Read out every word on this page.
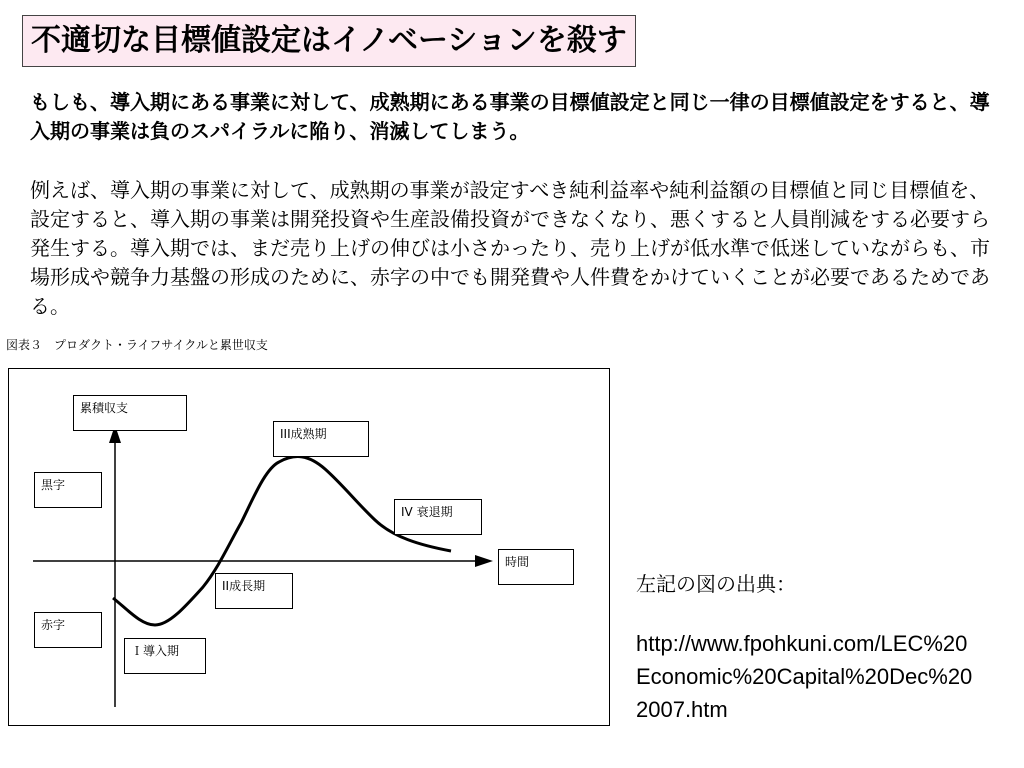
不適切な目標値設定はイノベーションを殺す

もしも、導入期にある事業に対して、成熟期にある事業の目標値設定と同じ一律の目標値設定をすると、導入期の事業は負のスパイラルに陥り、消滅してしまう。

例えば、導入期の事業に対して、成熟期の事業が設定すべき純利益率や純利益額の目標値と同じ目標値を、設定すると、導入期の事業は開発投資や生産設備投資ができなくなり、悪くすると人員削減をする必要すら発生する。導入期では、まだ売り上げの伸びは小さかったり、売り上げが低水準で低迷していながらも、市場形成や競争力基盤の形成のために、赤字の中でも開発費や人件費をかけていくことが必要であるためである。

図表３　プロダクト・ライフサイクルと累世収支
累積収支
III成熟期
黒字
IV 衰退期
時間
II成長期
赤字
Ｉ導入期
左記の図の出典：
http://www.fpohkuni.com/LEC%20Economic%20Capital%20Dec%202007.htm
